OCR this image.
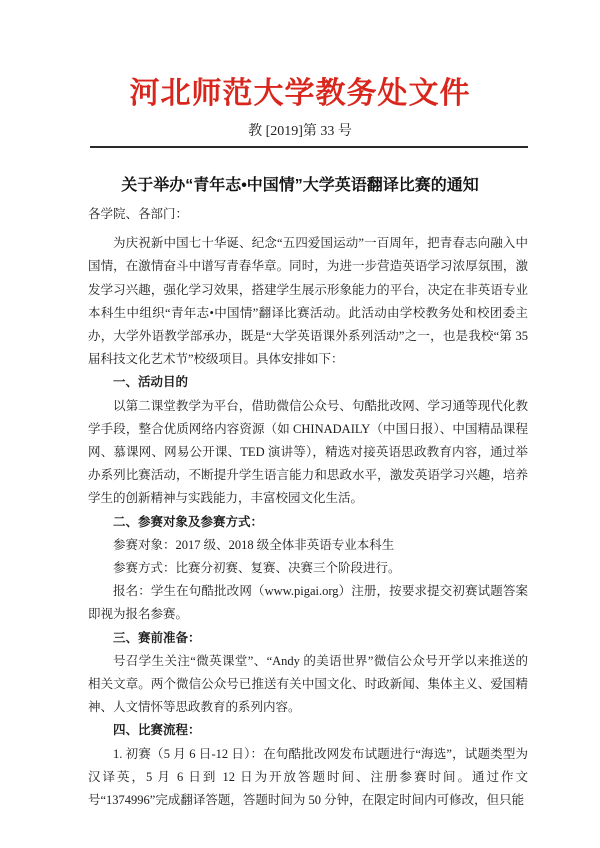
河北师范大学教务处文件
教 [2019]第 33 号
关于举办“青年志•中国情”大学英语翻译比赛的通知
各学院、各部门：

为庆祝新中国七十华诞、纪念“五四爱国运动”一百周年，把青春志向融入中国情，在激情奋斗中谱写青春华章。同时，为进一步营造英语学习浓厚氛围，激发学习兴趣，强化学习效果，搭建学生展示形象能力的平台，决定在非英语专业本科生中组织“青年志•中国情”翻译比赛活动。此活动由学校教务处和校团委主办，大学外语教学部承办，既是“大学英语课外系列活动”之一，也是我校“第 35 届科技文化艺术节”校级项目。具体安排如下：

一、活动目的

以第二课堂教学为平台，借助微信公众号、句酷批改网、学习通等现代化教学手段，整合优质网络内容资源（如 CHINADAILY（中国日报）、中国精品课程网、慕课网、网易公开课、TED 演讲等），精选对接英语思政教育内容，通过举办系列比赛活动，不断提升学生语言能力和思政水平，激发英语学习兴趣，培养学生的创新精神与实践能力，丰富校园文化生活。

二、参赛对象及参赛方式：

参赛对象：2017 级、2018 级全体非英语专业本科生

参赛方式：比赛分初赛、复赛、决赛三个阶段进行。

报名：学生在句酷批改网（www.pigai.org）注册，按要求提交初赛试题答案即视为报名参赛。

三、赛前准备：

号召学生关注“微英课堂”、“Andy 的美语世界”微信公众号开学以来推送的相关文章。两个微信公众号已推送有关中国文化、时政新闻、集体主义、爱国精神、人文情怀等思政教育的系列内容。

四、比赛流程：

1. 初赛（5 月 6 日-12 日）：在句酷批改网发布试题进行“海选”，试题类型为汉译英，5 月 6 日到 12 日为开放答题时间、注册参赛时间。通过作文号“1374996”完成翻译答题，答题时间为 50 分钟，在限定时间内可修改，但只能
